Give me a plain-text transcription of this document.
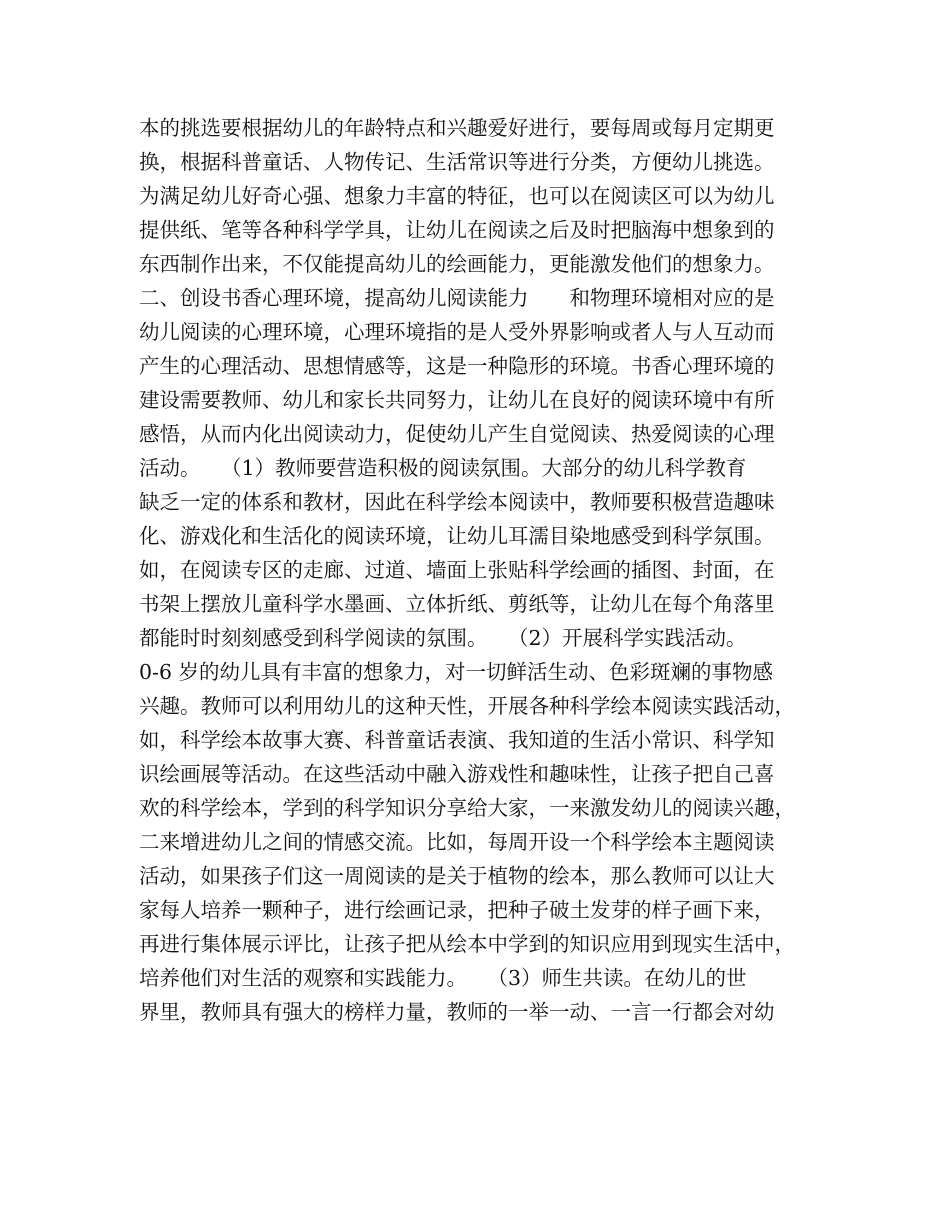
本的挑选要根据幼儿的年龄特点和兴趣爱好进行，要每周或每月定期更
换，根据科普童话、人物传记、生活常识等进行分类，方便幼儿挑选。
为满足幼儿好奇心强、想象力丰富的特征，也可以在阅读区可以为幼儿
提供纸、笔等各种科学学具，让幼儿在阅读之后及时把脑海中想象到的
东西制作出来，不仅能提高幼儿的绘画能力，更能激发他们的想象力。
二、创设书香心理环境，提高幼儿阅读能力　　和物理环境相对应的是
幼儿阅读的心理环境，心理环境指的是人受外界影响或者人与人互动而
产生的心理活动、思想情感等，这是一种隐形的环境。书香心理环境的
建设需要教师、幼儿和家长共同努力，让幼儿在良好的阅读环境中有所
感悟，从而内化出阅读动力，促使幼儿产生自觉阅读、热爱阅读的心理
活动。　　（1）教师要营造积极的阅读氛围。大部分的幼儿科学教育
缺乏一定的体系和教材，因此在科学绘本阅读中，教师要积极营造趣味
化、游戏化和生活化的阅读环境，让幼儿耳濡目染地感受到科学氛围。
如，在阅读专区的走廊、过道、墙面上张贴科学绘画的插图、封面，在
书架上摆放儿童科学水墨画、立体折纸、剪纸等，让幼儿在每个角落里
都能时时刻刻感受到科学阅读的氛围。　　（2）开展科学实践活动。
0-6 岁的幼儿具有丰富的想象力，对一切鲜活生动、色彩斑斓的事物感
兴趣。教师可以利用幼儿的这种天性，开展各种科学绘本阅读实践活动，
如，科学绘本故事大赛、科普童话表演、我知道的生活小常识、科学知
识绘画展等活动。在这些活动中融入游戏性和趣味性，让孩子把自己喜
欢的科学绘本，学到的科学知识分享给大家，一来激发幼儿的阅读兴趣，
二来增进幼儿之间的情感交流。比如，每周开设一个科学绘本主题阅读
活动，如果孩子们这一周阅读的是关于植物的绘本，那么教师可以让大
家每人培养一颗种子，进行绘画记录，把种子破土发芽的样子画下来，
再进行集体展示评比，让孩子把从绘本中学到的知识应用到现实生活中，
培养他们对生活的观察和实践能力。　　（3）师生共读。在幼儿的世
界里，教师具有强大的榜样力量，教师的一举一动、一言一行都会对幼
